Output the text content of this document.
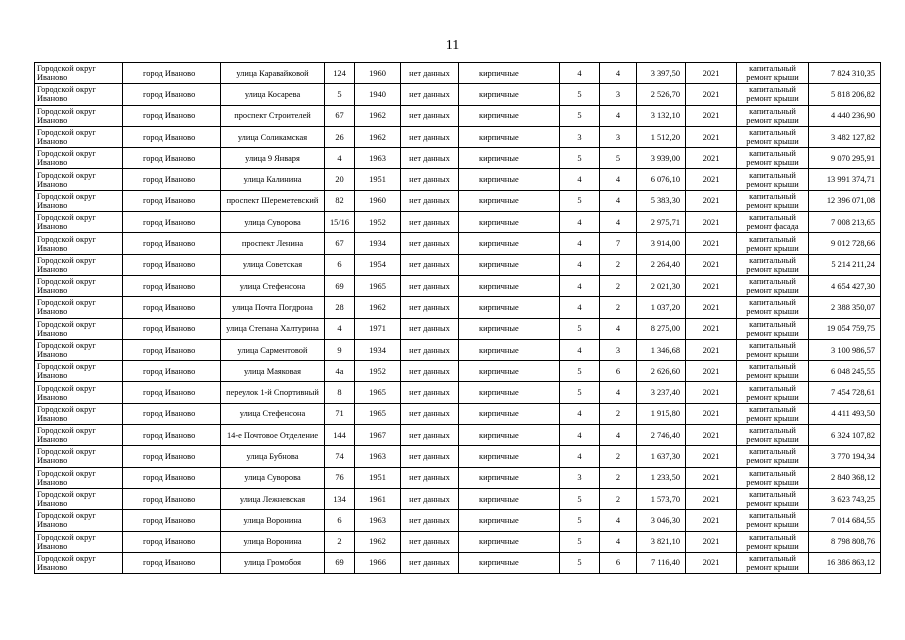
11
Городской округ Иваново	город Иваново	улица Каравайковой	124	1960	нет данных	кирпичные	4	4	3 397,50	2021	капитальный ремонт крыши	7 824 310,35
Городской округ Иваново	город Иваново	улица Косарева	5	1940	нет данных	кирпичные	5	3	2 526,70	2021	капитальный ремонт крыши	5 818 206,82
Городской округ Иваново	город Иваново	проспект Строителей	67	1962	нет данных	кирпичные	5	4	3 132,10	2021	капитальный ремонт крыши	4 440 236,90
Городской округ Иваново	город Иваново	улица Соликамская	26	1962	нет данных	кирпичные	3	3	1 512,20	2021	капитальный ремонт крыши	3 482 127,82
Городской округ Иваново	город Иваново	улица 9 Января	4	1963	нет данных	кирпичные	5	5	3 939,00	2021	капитальный ремонт крыши	9 070 295,91
Городской округ Иваново	город Иваново	улица Калинина	20	1951	нет данных	кирпичные	4	4	6 076,10	2021	капитальный ремонт крыши	13 991 374,71
Городской округ Иваново	город Иваново	проспект Шереметевский	82	1960	нет данных	кирпичные	5	4	5 383,30	2021	капитальный ремонт крыши	12 396 071,08
Городской округ Иваново	город Иваново	улица Суворова	15/16	1952	нет данных	кирпичные	4	4	2 975,71	2021	капитальный ремонт фасада	7 008 213,65
Городской округ Иваново	город Иваново	проспект Ленина	67	1934	нет данных	кирпичные	4	7	3 914,00	2021	капитальный ремонт крыши	9 012 728,66
Городской округ Иваново	город Иваново	улица Советская	6	1954	нет данных	кирпичные	4	2	2 264,40	2021	капитальный ремонт крыши	5 214 211,24
Городской округ Иваново	город Иваново	улица Стефенсона	69	1965	нет данных	кирпичные	4	2	2 021,30	2021	капитальный ремонт крыши	4 654 427,30
Городской округ Иваново	город Иваново	улица Почта Погдрона	28	1962	нет данных	кирпичные	4	2	1 037,20	2021	капитальный ремонт крыши	2 388 350,07
Городской округ Иваново	город Иваново	улица Степана Халтурина	4	1971	нет данных	кирпичные	5	4	8 275,00	2021	капитальный ремонт крыши	19 054 759,75
Городской округ Иваново	город Иваново	улица Сарментовой	9	1934	нет данных	кирпичные	4	3	1 346,68	2021	капитальный ремонт крыши	3 100 986,57
Городской округ Иваново	город Иваново	улица Маяковая	4а	1952	нет данных	кирпичные	5	6	2 626,60	2021	капитальный ремонт крыши	6 048 245,55
Городской округ Иваново	город Иваново	переулок 1-й Спортивный	8	1965	нет данных	кирпичные	5	4	3 237,40	2021	капитальный ремонт крыши	7 454 728,61
Городской округ Иваново	город Иваново	улица Стефенсона	71	1965	нет данных	кирпичные	4	2	1 915,80	2021	капитальный ремонт крыши	4 411 493,50
Городской округ Иваново	город Иваново	14-е Почтовое Отделение	144	1967	нет данных	кирпичные	4	4	2 746,40	2021	капитальный ремонт крыши	6 324 107,82
Городской округ Иваново	город Иваново	улица Бубнова	74	1963	нет данных	кирпичные	4	2	1 637,30	2021	капитальный ремонт крыши	3 770 194,34
Городской округ Иваново	город Иваново	улица Суворова	76	1951	нет данных	кирпичные	3	2	1 233,50	2021	капитальный ремонт крыши	2 840 368,12
Городской округ Иваново	город Иваново	улица Лежневская	134	1961	нет данных	кирпичные	5	2	1 573,70	2021	капитальный ремонт крыши	3 623 743,25
Городской округ Иваново	город Иваново	улица Воронина	6	1963	нет данных	кирпичные	5	4	3 046,30	2021	капитальный ремонт крыши	7 014 684,55
Городской округ Иваново	город Иваново	улица Воронина	2	1962	нет данных	кирпичные	5	4	3 821,10	2021	капитальный ремонт крыши	8 798 808,76
Городской округ Иваново	город Иваново	улица Громобоя	69	1966	нет данных	кирпичные	5	6	7 116,40	2021	капитальный ремонт крыши	16 386 863,12
